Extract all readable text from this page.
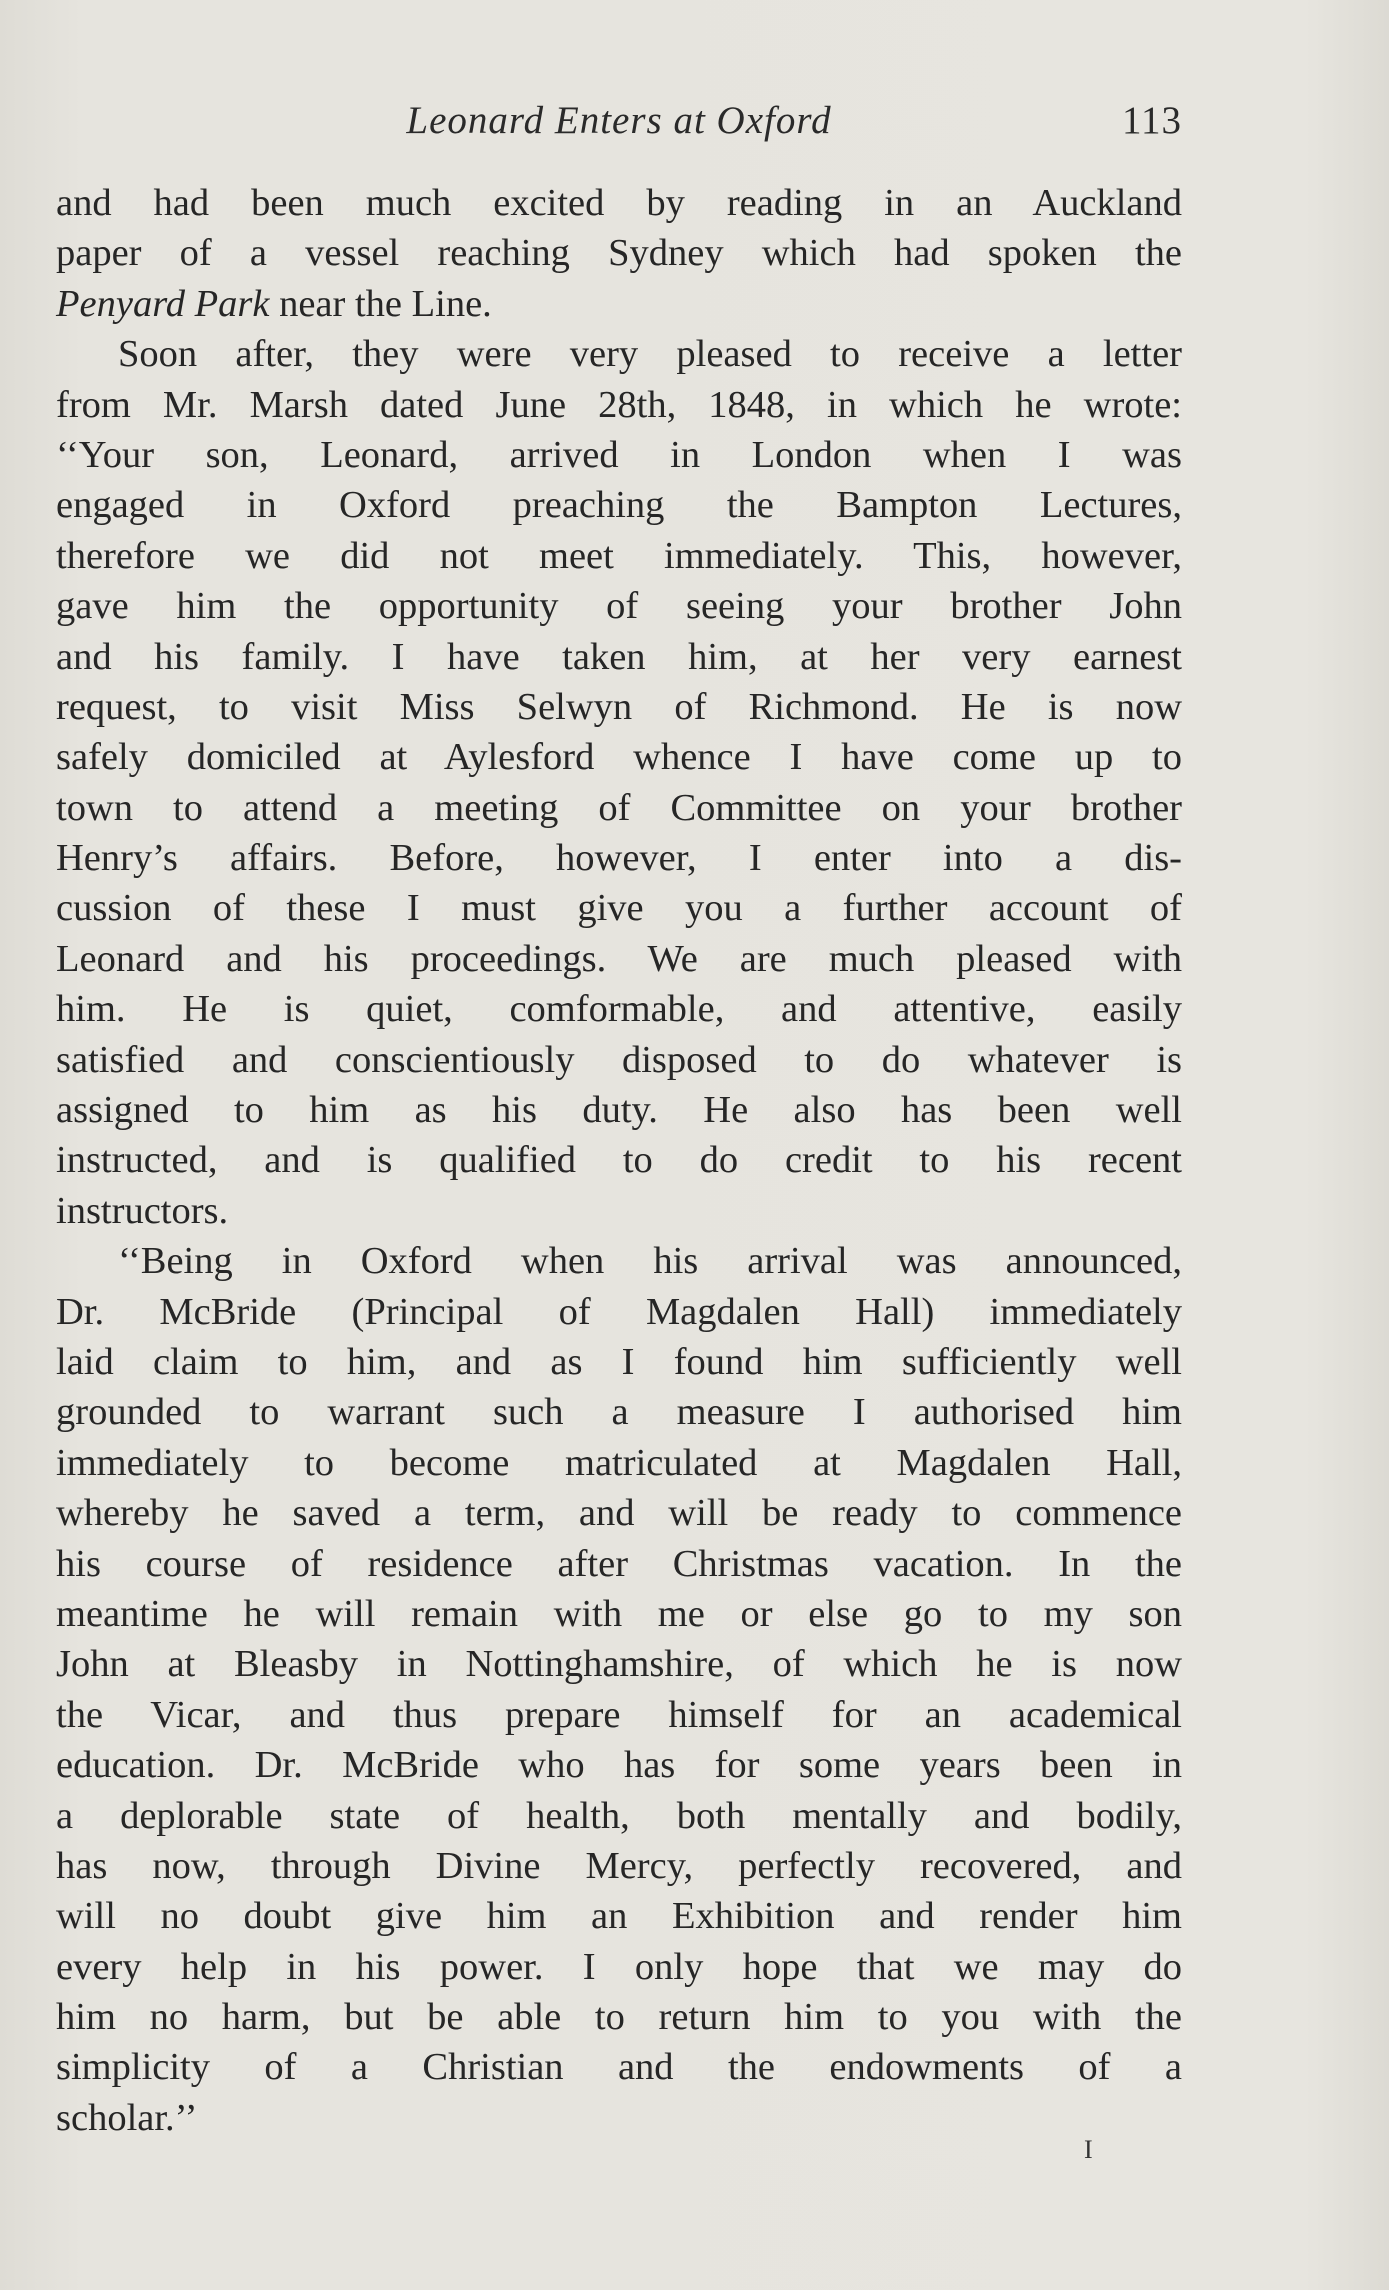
Leonard Enters at Oxford	113
and had been much excited by reading in an Auckland
paper of a vessel reaching Sydney which had spoken the
Penyard Park near the Line.
Soon after, they were very pleased to receive a letter
from Mr. Marsh dated June 28th, 1848, in which he wrote:
‘‘Your son, Leonard, arrived in London when I was
engaged in Oxford preaching the Bampton Lectures,
therefore we did not meet immediately. This, however,
gave him the opportunity of seeing your brother John
and his family. I have taken him, at her very earnest
request, to visit Miss Selwyn of Richmond. He is now
safely domiciled at Aylesford whence I have come up to
town to attend a meeting of Committee on your brother
Henry’s affairs. Before, however, I enter into a dis-
cussion of these I must give you a further account of
Leonard and his proceedings. We are much pleased with
him. He is quiet, comformable, and attentive, easily
satisfied and conscientiously disposed to do whatever is
assigned to him as his duty. He also has been well
instructed, and is qualified to do credit to his recent
instructors.
‘‘Being in Oxford when his arrival was announced,
Dr. McBride (Principal of Magdalen Hall) immediately
laid claim to him, and as I found him sufficiently well
grounded to warrant such a measure I authorised him
immediately to become matriculated at Magdalen Hall,
whereby he saved a term, and will be ready to commence
his course of residence after Christmas vacation. In the
meantime he will remain with me or else go to my son
John at Bleasby in Nottinghamshire, of which he is now
the Vicar, and thus prepare himself for an academical
education. Dr. McBride who has for some years been in
a deplorable state of health, both mentally and bodily,
has now, through Divine Mercy, perfectly recovered, and
will no doubt give him an Exhibition and render him
every help in his power. I only hope that we may do
him no harm, but be able to return him to you with the
simplicity of a Christian and the endowments of a
scholar.’’
I
